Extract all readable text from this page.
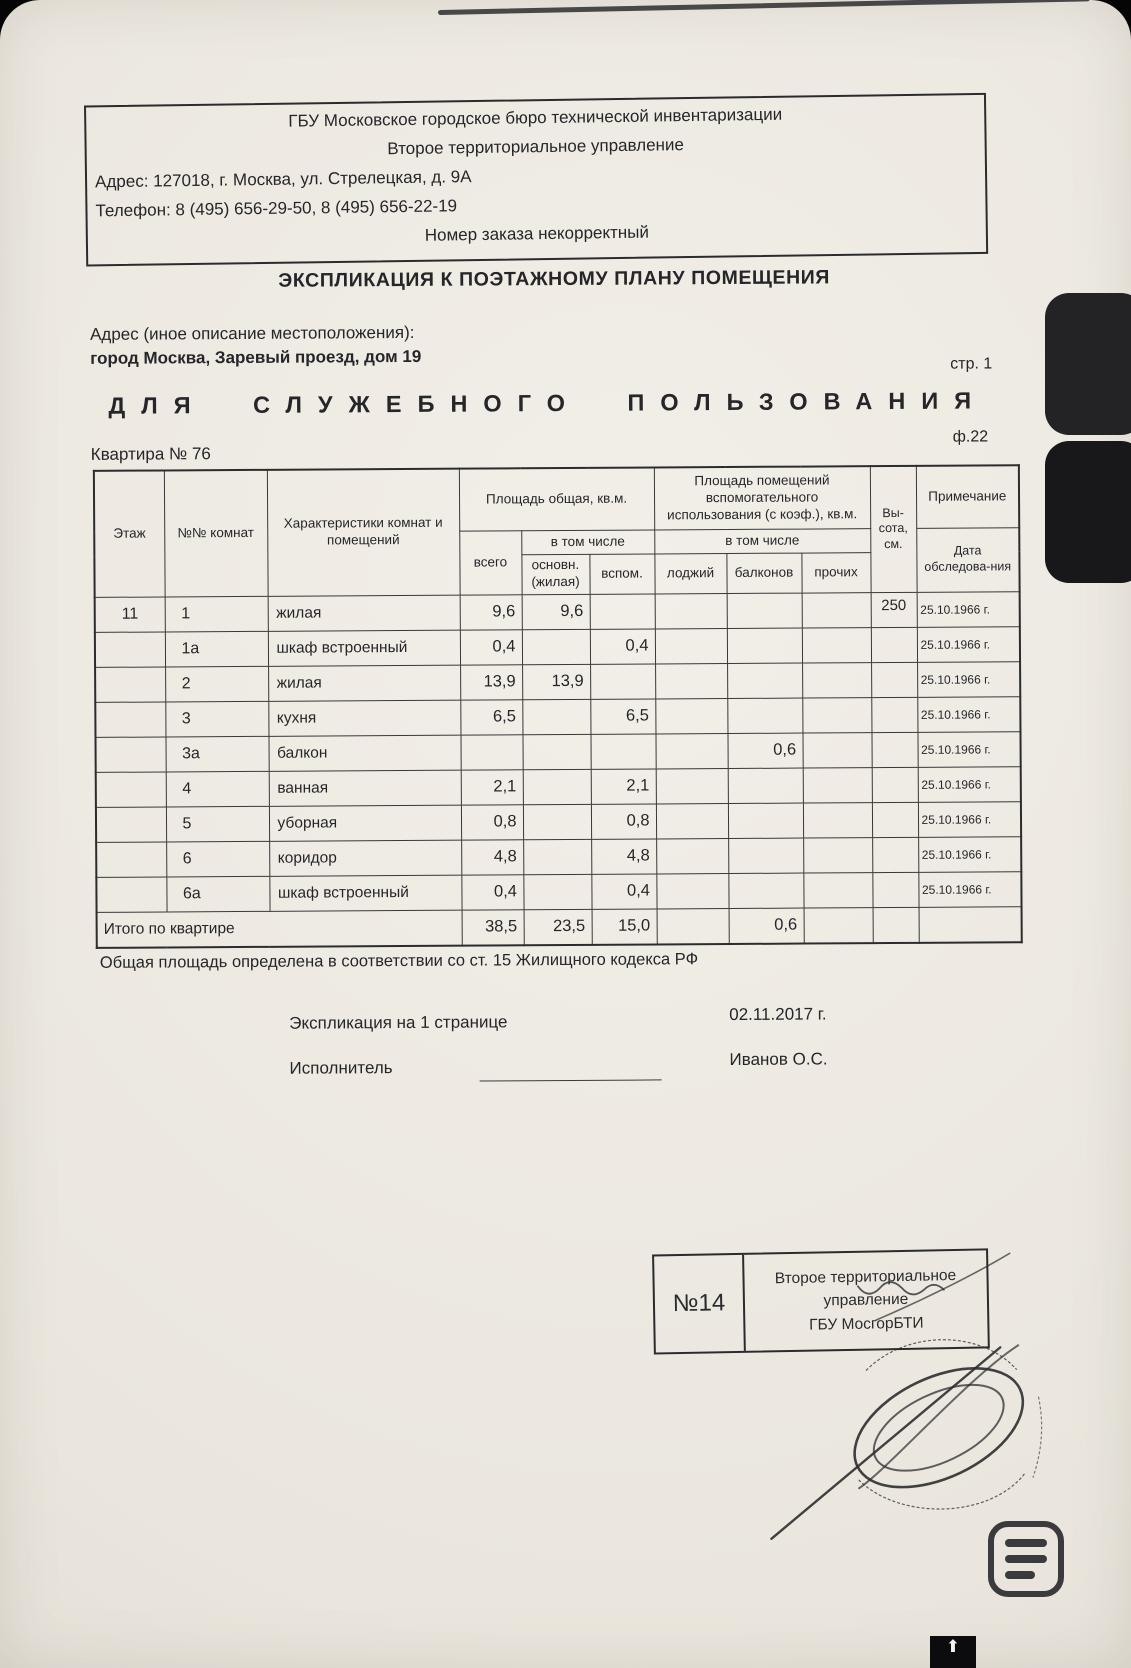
ГБУ Московское городское бюро технической инвентаризации
Второе территориальное управление
Адрес: 127018, г. Москва, ул. Стрелецкая, д. 9А
Телефон: 8 (495) 656-29-50, 8 (495) 656-22-19
Номер заказа некорректный
ЭКСПЛИКАЦИЯ К ПОЭТАЖНОМУ ПЛАНУ ПОМЕЩЕНИЯ
Адрес (иное описание местоположения):
город Москва, Заревый проезд, дом 19	стр. 1
ДЛЯ СЛУЖЕБНОГО ПОЛЬЗОВАНИЯ
Квартира № 76
ф.22
Этаж	№№ комнат	Характеристики комнат и помещений	Площадь общая, кв.м.			Площадь помещений вспомогательного использования (с коэф.), кв.м.			Вы-сота, см.	Примечание
			всего	в том числе		в том числе				Дата обследова-ния
				основн. (жилая)	вспом.	лоджий	балконов	прочих		
11	1	жилая	9,6	9,6					250	25.10.1966 г.
	1а	шкаф встроенный	0,4		0,4					25.10.1966 г.
	2	жилая	13,9	13,9						25.10.1966 г.
	3	кухня	6,5		6,5					25.10.1966 г.
	3а	балкон					0,6			25.10.1966 г.
	4	ванная	2,1		2,1					25.10.1966 г.
	5	уборная	0,8		0,8					25.10.1966 г.
	6	коридор	4,8		4,8					25.10.1966 г.
	6а	шкаф встроенный	0,4		0,4					25.10.1966 г.
Итого по квартире			38,5	23,5	15,0		0,6			
Общая площадь определена в соответствии со ст. 15 Жилищного кодекса РФ
Экспликация на 1 странице	02.11.2017 г.
Исполнитель	Иванов О.С.
№14
Второе территориальное
управление
ГБУ МосгорБТИ
⬆
